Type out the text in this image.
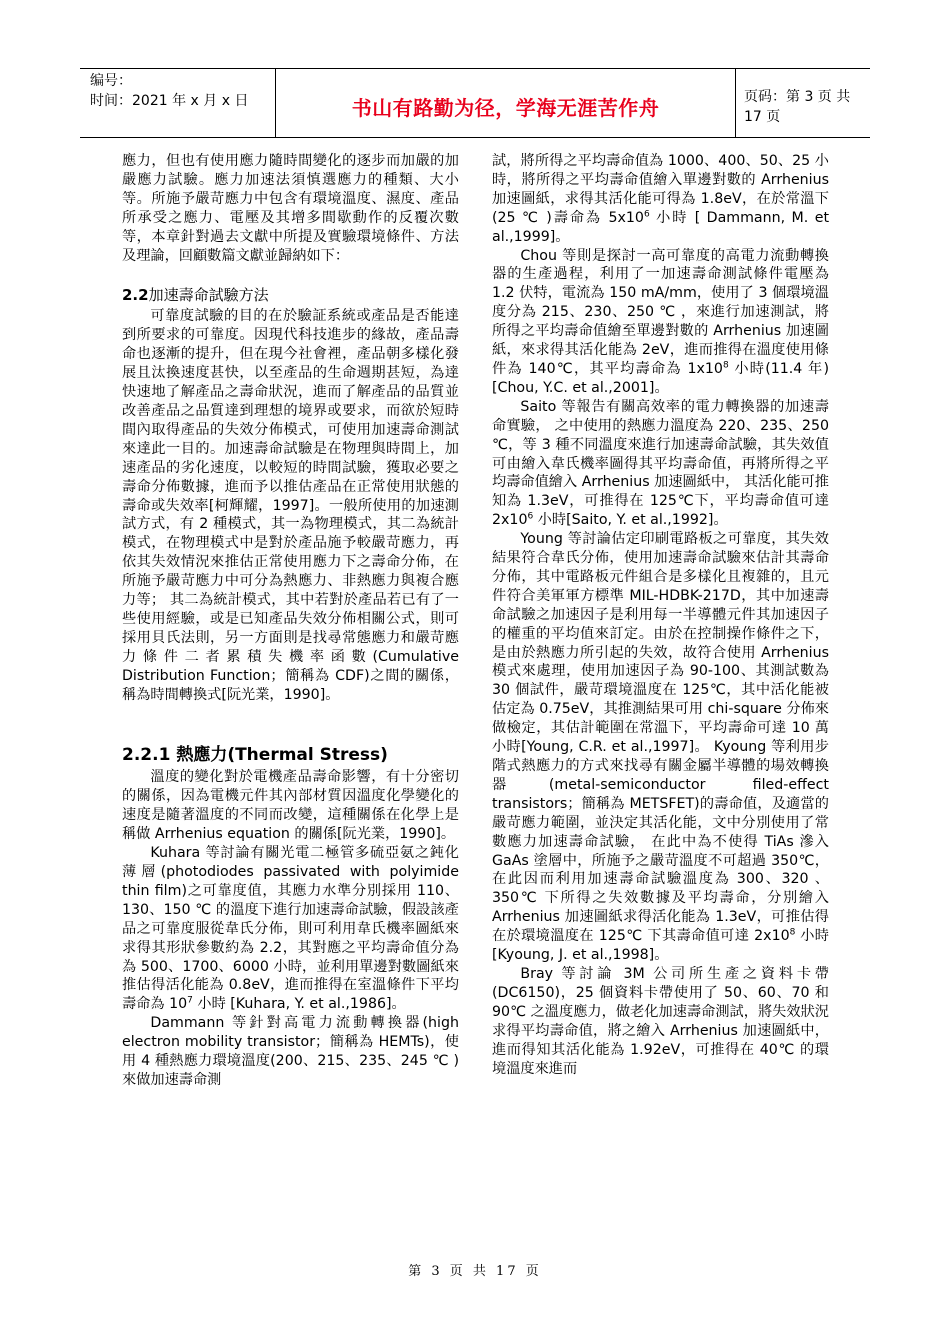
编号：
时间：2021 年 x 月 x 日	书山有路勤为径，学海无涯苦作舟	页码：第 3 页 共 17 页

應力，但也有使用應力隨時間變化的逐步而加嚴的加嚴應力試驗。應力加速法須慎選應力的種類、大小等。所施予嚴苛應力中包含有環境溫度、濕度、產品所承受之應力、電壓及其增多間歇動作的反覆次數等，本章針對過去文獻中所提及實驗環境條件、方法及理論，回顧數篇文獻並歸納如下：

2.2加速壽命試驗方法

可靠度試驗的目的在於驗証系統或產品是否能達到所要求的可靠度。因現代科技進步的緣故，產品壽命也逐漸的提升，但在現今社會裡，產品朝多樣化發展且汰換速度甚快，以至產品的生命週期甚短，為達快速地了解產品之壽命狀況，進而了解產品的品質並改善產品之品質達到理想的境界或要求，而欲於短時間內取得產品的失效分佈模式，可使用加速壽命測試來達此一目的。加速壽命試驗是在物理與時間上，加速產品的劣化速度，以較短的時間試驗，獲取必要之壽命分佈數據，進而予以推估產品在正常使用狀態的壽命或失效率[柯輝耀，1997]。一般所使用的加速測試方式，有 2 種模式，其一為物理模式，其二為統計模式，在物理模式中是對於產品施予較嚴苛應力，再依其失效情況來推估正常使用應力下之壽命分佈，在所施予嚴苛應力中可分為熱應力、非熱應力與複合應力等； 其二為統計模式，其中若對於產品若已有了一些使用經驗，或是已知產品失效分佈相關公式，則可採用貝氏法則，另一方面則是找尋常態應力和嚴苛應力條件二者累積失機率函數(Cumulative Distribution Function；簡稱為 CDF)之間的關係，稱為時間轉換式[阮光業，1990]。

2.2.1 熱應力(Thermal Stress)

溫度的變化對於電機產品壽命影響，有十分密切的關係，因為電機元件其內部材質因溫度化學變化的速度是隨著溫度的不同而改變，這種關係在化學上是稱做 Arrhenius equation 的關係[阮光業，1990]。

Kuhara 等討論有關光電二極管多硫亞氨之鈍化薄層(photodiodes passivated with polyimide thin film)之可靠度值，其應力水準分別採用 110、130、150 ℃ 的溫度下進行加速壽命試驗，假設該產品之可靠度服從韋氏分佈，則可利用韋氏機率圖紙來求得其形狀參數約為 2.2，其對應之平均壽命值分為為 500、1700、6000 小時，並利用單邊對數圖紙來推估得活化能為 0.8eV，進而推得在室溫條件下平均壽命為 $10^7$ 小時 [Kuhara, Y. et al.,1986]。

Dammann 等針對高電力流動轉換器(high electron mobility transistor；簡稱為 HEMTs)，使用 4 種熱應力環境溫度(200、215、235、245 ℃ )來做加速壽命測

試，將所得之平均壽命值為 1000、400、50、25 小時，將所得之平均壽命值繪入單邊對數的 Arrhenius 加速圖紙，求得其活化能可得為 1.8eV，在於常溫下(25 ℃ )壽命為 $5x10^6$ 小時 [ Dammann, M. et al.,1999]。

Chou 等則是探討一高可靠度的高電力流動轉換器的生產過程，利用了一加速壽命測試條件電壓為 1.2 伏特，電流為 150 mA/mm，使用了 3 個環境溫度分為 215、230、250 ℃ ，來進行加速測試，將所得之平均壽命值繪至單邊對數的 Arrhenius 加速圖紙，來求得其活化能為 2eV，進而推得在溫度使用條件為 140℃，其平均壽命為 $1x10^8$ 小時(11.4 年) [Chou, Y.C. et al.,2001]。

Saito 等報告有關高效率的電力轉換器的加速壽命實驗， 之中使用的熱應力溫度為 220、235、250 ℃，等 3 種不同溫度來進行加速壽命試驗，其失效值可由繪入韋氏機率圖得其平均壽命值，再將所得之平均壽命值繪入 Arrhenius 加速圖紙中， 其活化能可推知為 1.3eV，可推得在 125℃下，平均壽命值可達 $2x10^6$ 小時[Saito, Y. et al.,1992]。

Young 等討論估定印刷電路板之可靠度，其失效結果符合韋氏分佈，使用加速壽命試驗來估計其壽命分佈，其中電路板元件組合是多樣化且複雜的，且元件符合美軍軍方標準 MIL-HDBK-217D，其中加速壽命試驗之加速因子是利用每一半導體元件其加速因子的權重的平均值來訂定。由於在控制操作條件之下，是由於熱應力所引起的失效，故符合使用 Arrhenius 模式來處理，使用加速因子為 90-100、其測試數為 30 個試件，嚴苛環境溫度在 125℃，其中活化能被估定為 0.75eV，其推測結果可用 chi-square 分佈來做檢定，其估計範圍在常溫下，平均壽命可達 10 萬小時[Young, C.R. et al.,1997]。 Kyoung 等利用步階式熱應力的方式來找尋有關金屬半導體的場效轉換器(metal-semiconductor filed-effect transistors；簡稱為 METSFET)的壽命值，及適當的嚴苛應力範圍，並決定其活化能，文中分別使用了常數應力加速壽命試驗， 在此中為不使得 TiAs 滲入 GaAs 塗層中，所施予之嚴苛溫度不可超過 350℃，在此因而利用加速壽命試驗溫度為 300、320 、350℃ 下所得之失效數據及平均壽命，分別繪入 Arrhenius 加速圖紙求得活化能為 1.3eV，可推估得在於環境溫度在 125℃ 下其壽命值可達 $2x10^8$ 小時[Kyoung, J. et al.,1998]。

Bray 等討論 3M 公司所生產之資料卡帶(DC6150)，25 個資料卡帶使用了 50、60、70 和 90℃ 之溫度應力，做老化加速壽命測試，將失效狀況求得平均壽命值，將之繪入 Arrhenius 加速圖紙中，進而得知其活化能為 1.92eV，可推得在 40℃ 的環境溫度來進而

第 3 页 共 17 页
